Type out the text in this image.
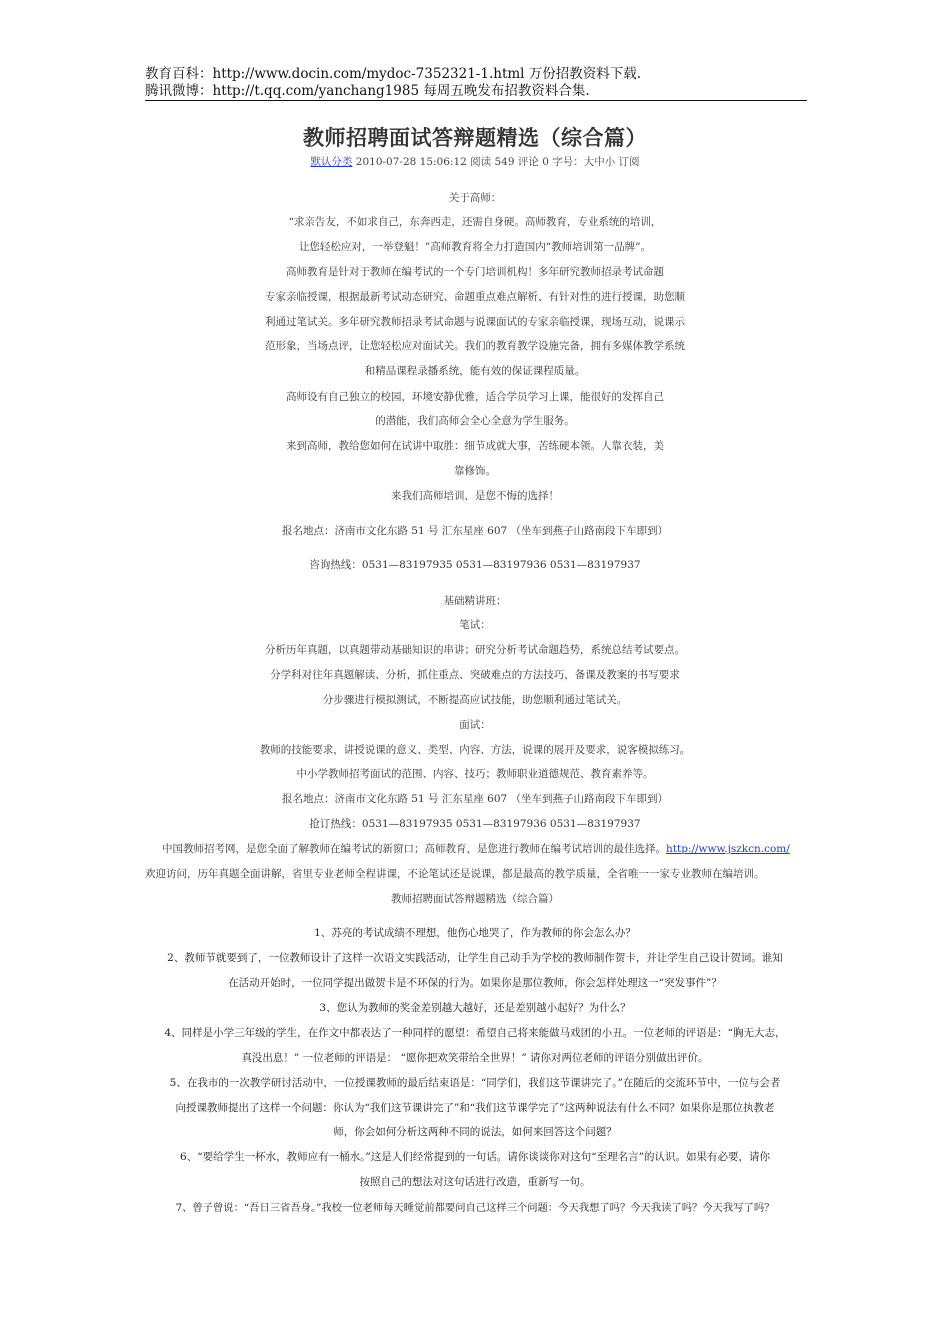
教育百科：http://www.docin.com/mydoc-7352321-1.html 万份招教资料下载.
腾讯微博：http://t.qq.com/yanchang1985 每周五晚发布招教资料合集.
教师招聘面试答辩题精选（综合篇）
默认分类 2010-07-28 15:06:12 阅读 549 评论 0 字号：大中小 订阅
关于高师：
“求亲告友，不如求自己，东奔西走，还需自身硬。高师教育，专业系统的培训，
让您轻松应对，一举登魁！”高师教育将全力打造国内“教师培训第一品牌”。
高师教育是针对于教师在编考试的一个专门培训机构！多年研究教师招录考试命题
专家亲临授课，根据最新考试动态研究、命题重点难点解析、有针对性的进行授课，助您顺
利通过笔试关。多年研究教师招录考试命题与说课面试的专家亲临授课，现场互动，说课示
范形象，当场点评，让您轻松应对面试关。我们的教育教学设施完备，拥有多媒体教学系统
和精品课程录播系统，能有效的保证课程质量。
高师设有自己独立的校园，环境安静优雅，适合学员学习上课，能很好的发挥自己
的潜能，我们高师会全心全意为学生服务。
来到高师，教给您如何在试讲中取胜：细节成就大事，苦练硬本领。人靠衣装，美
靠修饰。
来我们高师培训，是您不悔的选择！
报名地点：济南市文化东路 51 号 汇东星座 607 （坐车到燕子山路南段下车即到）
咨询热线：0531—83197935 0531—83197936 0531—83197937
基础精讲班：
笔试：
分析历年真题，以真题带动基础知识的串讲；研究分析考试命题趋势，系统总结考试要点。
分学科对往年真题解读、分析，抓住重点、突破难点的方法技巧，备课及教案的书写要求
分步骤进行模拟测试，不断提高应试技能，助您顺利通过笔试关。
面试：
教师的技能要求，讲授说课的意义、类型、内容、方法，说课的展开及要求，说客模拟练习。
中小学教师招考面试的范围、内容、技巧；教师职业道德规范、教育素养等。
报名地点：济南市文化东路 51 号 汇东星座 607 （坐车到燕子山路南段下车即到）
抢订热线：0531—83197935 0531—83197936 0531—83197937
中国教师招考网，是您全面了解教师在编考试的新窗口；高师教育，是您进行教师在编考试培训的最佳选择。http://www.jszkcn.com/
欢迎访问，历年真题全面讲解，省里专业老师全程讲课，不论笔试还是说课，都是最高的教学质量，全省唯一一家专业教师在编培训。
教师招聘面试答辩题精选（综合篇）
1、苏亮的考试成绩不理想，他伤心地哭了，作为教师的你会怎么办？
2、教师节就要到了，一位教师设计了这样一次语文实践活动，让学生自己动手为学校的教师制作贺卡，并让学生自己设计贺词。谁知
在活动开始时，一位同学提出做贺卡是不环保的行为。如果你是那位教师，你会怎样处理这一“突发事件”？
3、您认为教师的奖金差别越大越好，还是差别越小起好？为什么？
4、同样是小学三年级的学生，在作文中都表达了一种同样的愿望：希望自己将来能做马戏团的小丑。一位老师的评语是：“胸无大志，
真没出息！” 一位老师的评语是： “愿你把欢笑带给全世界！” 请你对两位老师的评语分别做出评价。
5、在我市的一次教学研讨活动中，一位授课教师的最后结束语是：“同学们，我们这节课讲完了。”在随后的交流环节中，一位与会者
向授课教师提出了这样一个问题：你认为“我们这节课讲完了”和“我们这节课学完了”这两种说法有什么不同？如果你是那位执教老
师，你会如何分析这两种不同的说法，如何来回答这个问题？
6、“要给学生一杯水，教师应有一桶水。”这是人们经常提到的一句话。请你谈谈你对这句“至理名言”的认识。如果有必要，请你
按照自己的想法对这句话进行改造，重新写一句。
7、曾子曾说：“吾日三省吾身。”我校一位老师每天睡觉前都要问自己这样三个问题：今天我想了吗？今天我读了吗？今天我写了吗？
